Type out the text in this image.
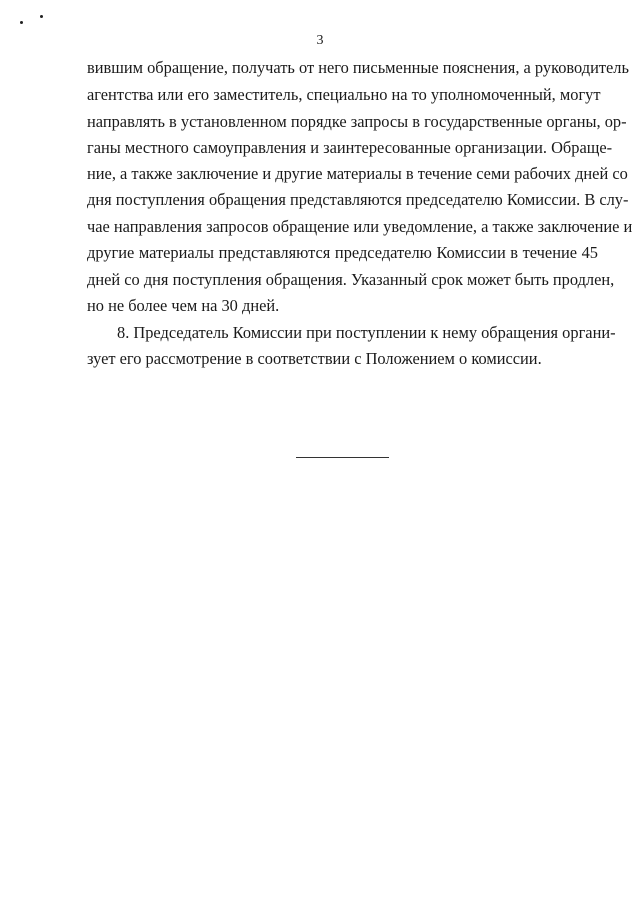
3
вившим обращение, получать от него письменные пояснения, а руководитель
агентства или его заместитель, специально на то уполномоченный, могут
направлять в установленном порядке запросы в государственные органы, ор-
ганы местного самоуправления и заинтересованные организации. Обраще-
ние, а также заключение и другие материалы в течение семи рабочих дней со
дня поступления обращения представляются председателю Комиссии. В слу-
чае направления запросов обращение или уведомление, а также заключение и
другие материалы представляются председателю Комиссии в течение 45
дней со дня поступления обращения. Указанный срок может быть продлен,
но не более чем на 30 дней.
8. Председатель Комиссии при поступлении к нему обращения органи-
зует его рассмотрение в соответствии с Положением о комиссии.
